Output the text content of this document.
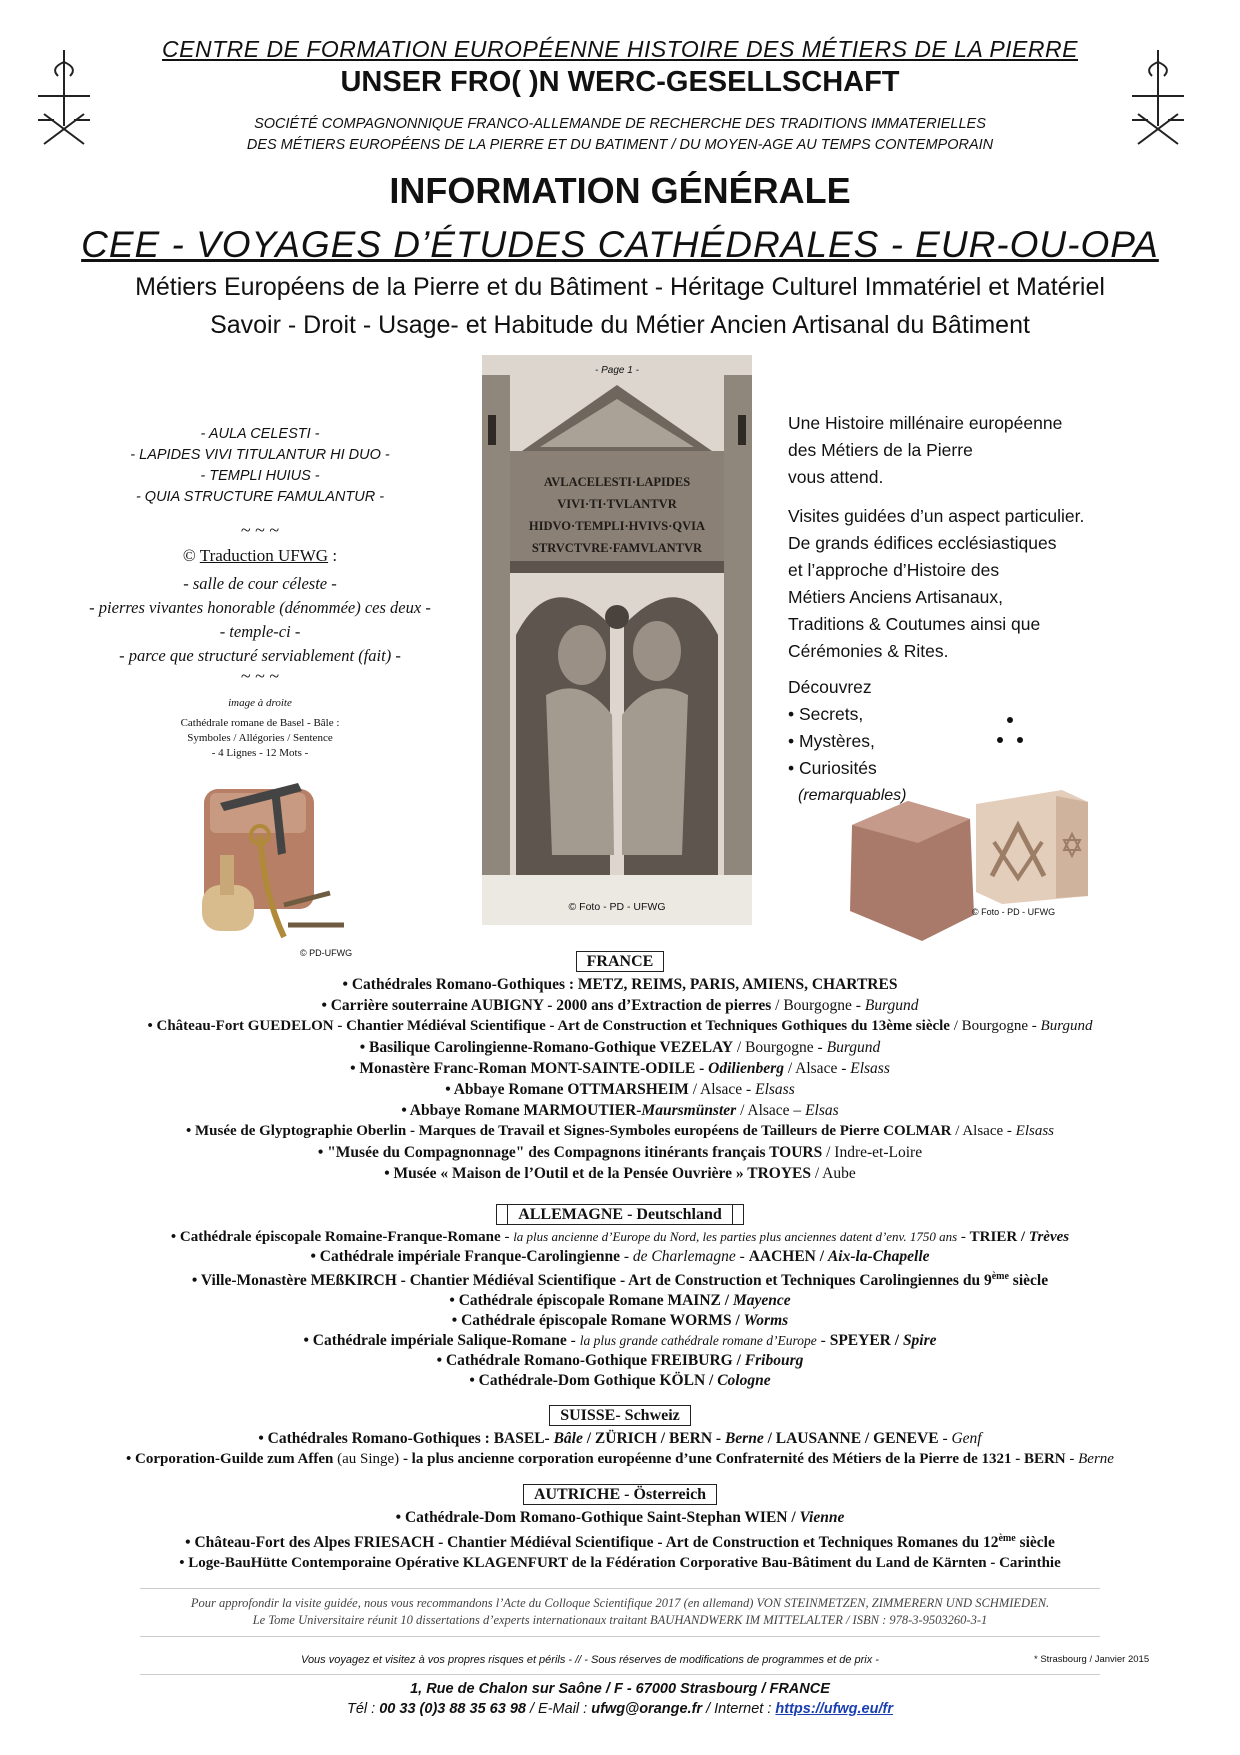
CENTRE DE FORMATION EUROPÉENNE HISTOIRE DES MÉTIERS DE LA PIERRE
UNSER FRO( )N WERC-GESELLSCHAFT
SOCIÉTÉ COMPAGNONNIQUE FRANCO-ALLEMANDE DE RECHERCHE DES TRADITIONS IMMATERIELLES
DES MÉTIERS EUROPÉENS DE LA PIERRE ET DU BATIMENT / DU MOYEN-AGE AU TEMPS CONTEMPORAIN
INFORMATION GÉNÉRALE
CEE - VOYAGES D’ÉTUDES CATHÉDRALES - EUR-OU-OPA
Métiers Européens de la Pierre et du Bâtiment - Héritage Culturel Immatériel et Matériel
Savoir - Droit - Usage- et Habitude du Métier Ancien Artisanal du Bâtiment
- AULA CELESTI -
- LAPIDES VIVI TITULANTUR HI DUO -
- TEMPLI HUIUS -
- QUIA STRUCTURE FAMULANTUR -
~ ~ ~
© Traduction UFWG :
- salle de cour céleste -
- pierres vivantes honorable (dénommée) ces deux -
- temple-ci -
- parce que structuré serviablement (fait) -
~ ~ ~
image à droite
Cathédrale romane de Basel - Bâle :
Symboles / Allégories / Sentence
- 4 Lignes - 12 Mots -
© PD-UFWG
- Page 1 -
AVLACELESTI·LAPIDES
VIVI·TI·TVLANTVR
HIDVO·TEMPLI·HVIVS·QVIA
STRVCTVRE·FAMVLANTVR
© Foto - PD - UFWG
Une Histoire millénaire européenne
des Métiers de la Pierre
vous attend.
Visites guidées d’un aspect particulier.
De grands édifices ecclésiastiques
et l’approche d’Histoire des
Métiers Anciens Artisanaux,
Traditions & Coutumes ainsi que
Cérémonies & Rites.
Découvrez
• Secrets,
• Mystères,
• Curiosités
(remarquables)
© Foto - PD - UFWG
FRANCE
• Cathédrales Romano-Gothiques : METZ, REIMS, PARIS, AMIENS, CHARTRES
• Carrière souterraine AUBIGNY - 2000 ans d’Extraction de pierres / Bourgogne - Burgund
• Château-Fort GUEDELON - Chantier Médiéval Scientifique - Art de Construction et Techniques Gothiques du 13ème siècle / Bourgogne - Burgund
• Basilique Carolingienne-Romano-Gothique VEZELAY / Bourgogne - Burgund
• Monastère Franc-Roman MONT-SAINTE-ODILE - Odilienberg / Alsace - Elsass
• Abbaye Romane OTTMARSHEIM / Alsace - Elsass
• Abbaye Romane MARMOUTIER-Maursmünster / Alsace – Elsas
• Musée de Glyptographie Oberlin - Marques de Travail et Signes-Symboles européens de Tailleurs de Pierre COLMAR / Alsace - Elsass
• "Musée du Compagnonnage" des Compagnons itinérants français TOURS / Indre-et-Loire
• Musée « Maison de l’Outil et de la Pensée Ouvrière » TROYES / Aube
ALLEMAGNE - Deutschland
• Cathédrale épiscopale Romaine-Franque-Romane - la plus ancienne d’Europe du Nord, les parties plus anciennes datent d’env. 1750 ans - TRIER / Trèves
• Cathédrale impériale Franque-Carolingienne - de Charlemagne - AACHEN / Aix-la-Chapelle
• Ville-Monastère MEßKIRCH - Chantier Médiéval Scientifique - Art de Construction et Techniques Carolingiennes du 9ème siècle
• Cathédrale épiscopale Romane MAINZ / Mayence
• Cathédrale épiscopale Romane WORMS / Worms
• Cathédrale impériale Salique-Romane - la plus grande cathédrale romane d’Europe - SPEYER / Spire
• Cathédrale Romano-Gothique FREIBURG / Fribourg
• Cathédrale-Dom Gothique KÖLN / Cologne
SUISSE- Schweiz
• Cathédrales Romano-Gothiques : BASEL- Bâle / ZÜRICH / BERN - Berne / LAUSANNE / GENEVE - Genf
• Corporation-Guilde zum Affen (au Singe) - la plus ancienne corporation européenne d’une Confraternité des Métiers de la Pierre de 1321 - BERN - Berne
AUTRICHE - Österreich
• Cathédrale-Dom Romano-Gothique Saint-Stephan WIEN / Vienne
• Château-Fort des Alpes FRIESACH - Chantier Médiéval Scientifique - Art de Construction et Techniques Romanes du 12ème siècle
• Loge-BauHütte Contemporaine Opérative KLAGENFURT de la Fédération Corporative Bau-Bâtiment du Land de Kärnten - Carinthie
Pour approfondir la visite guidée, nous vous recommandons l’Acte du Colloque Scientifique 2017 (en allemand) VON STEINMETZEN, ZIMMERERN UND SCHMIEDEN.
Le Tome Universitaire réunit 10 dissertations d’experts internationaux traitant BAUHANDWERK IM MITTELALTER / ISBN : 978-3-9503260-3-1
Vous voyagez et visitez à vos propres risques et périls - // - Sous réserves de modifications de programmes et de prix -	* Strasbourg / Janvier 2015
1, Rue de Chalon sur Saône / F - 67000 Strasbourg / FRANCE
Tél : 00 33 (0)3 88 35 63 98 / E-Mail : ufwg@orange.fr / Internet : https://ufwg.eu/fr
